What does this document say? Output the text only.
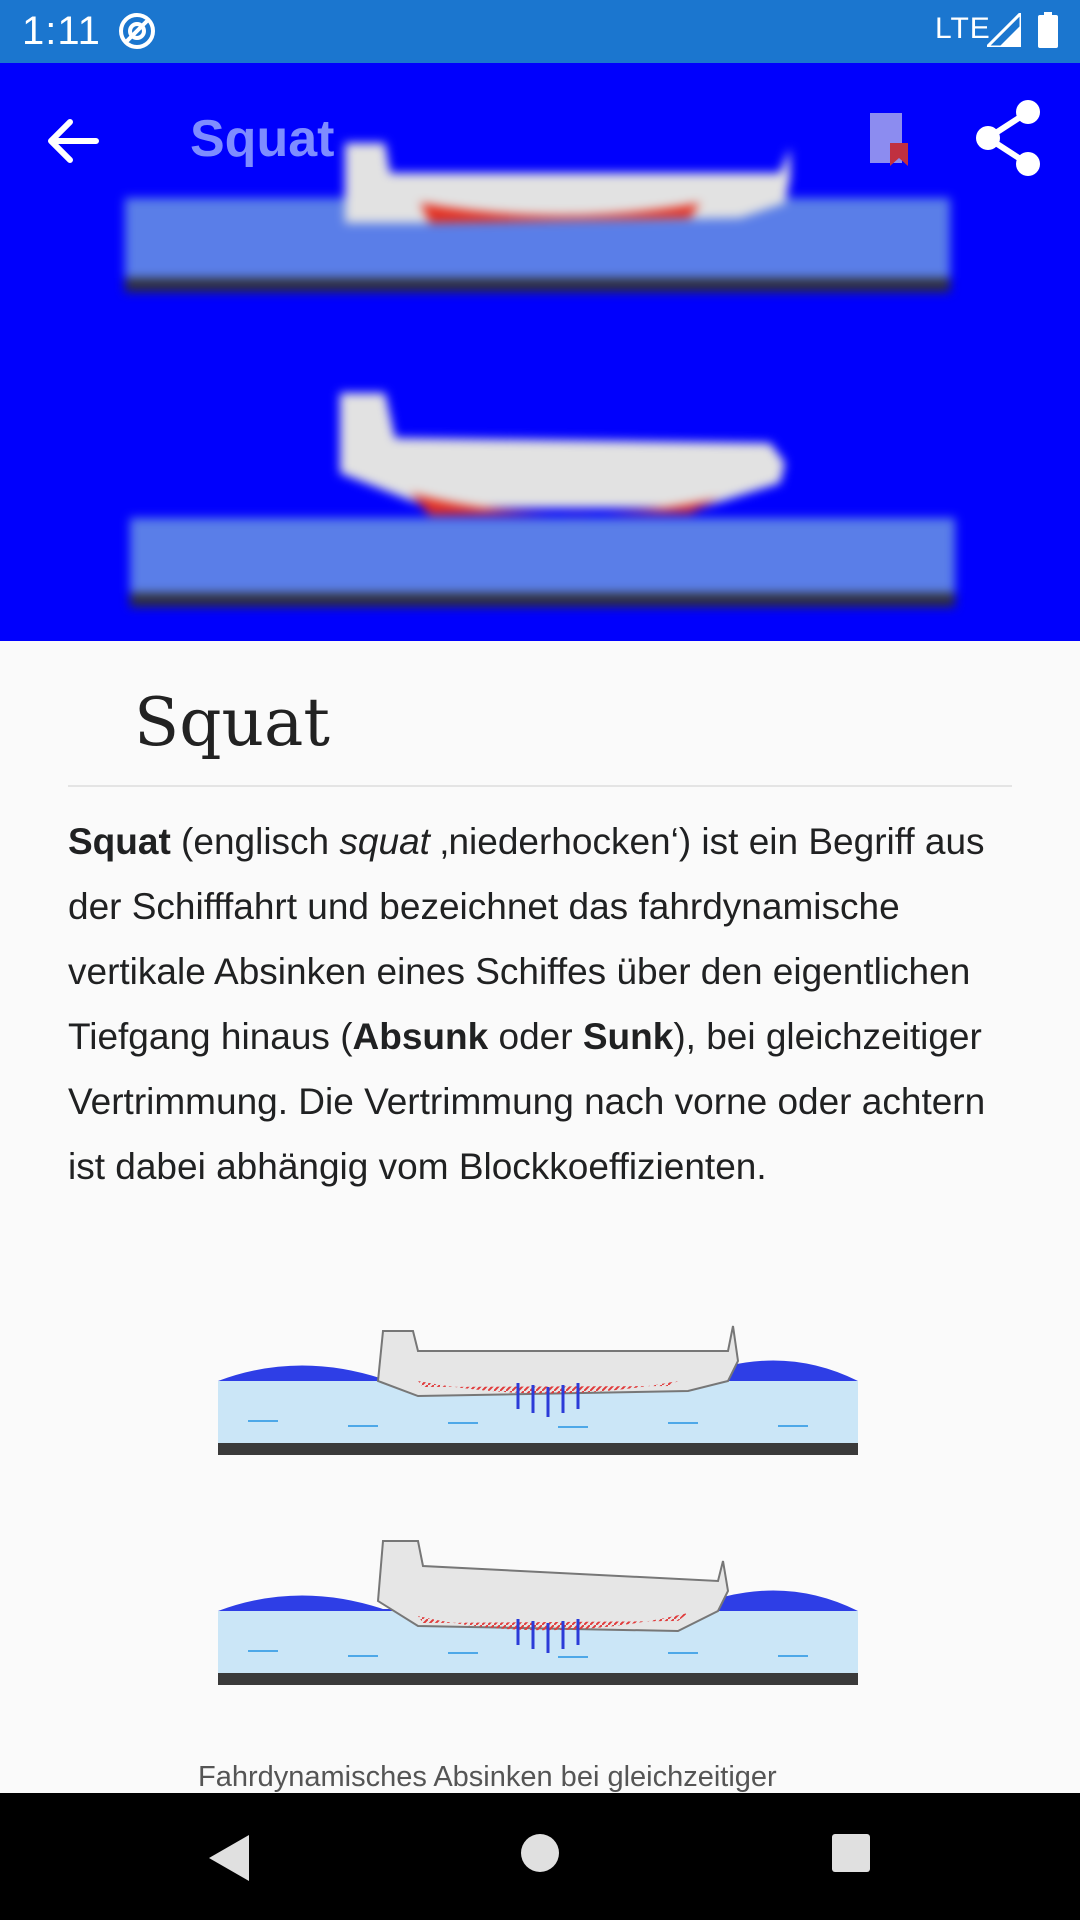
1:11	LTE
Squat
Squat

Squat (englisch squat ‚niederhocken‘) ist ein Begriff aus der Schifffahrt und bezeichnet das fahrdynamische vertikale Absinken eines Schiffes über den eigentlichen Tiefgang hinaus (Absunk oder Sunk), bei gleichzeitiger Vertrimmung. Die Vertrimmung nach vorne oder achtern ist dabei abhängig vom Blockkoeffizienten.

Fahrdynamisches Absinken bei gleichzeitiger
